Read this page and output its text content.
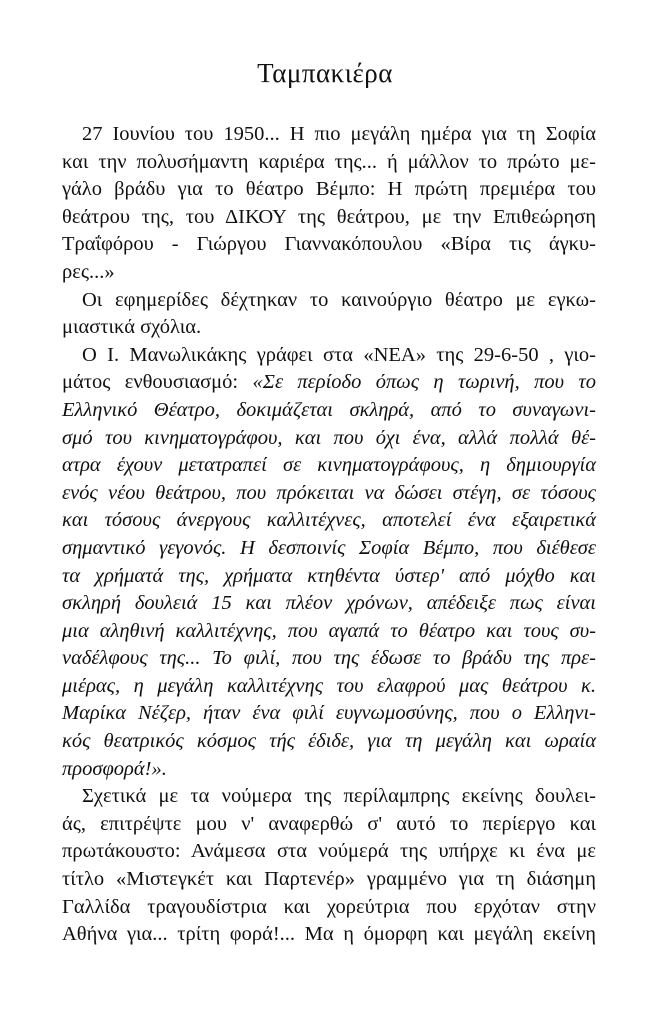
Ταμπακιέρα
27 Ιουνίου του 1950... Η πιο μεγάλη ημέρα για τη Σοφία
και την πολυσήμαντη καριέρα της... ή μάλλον το πρώτο με-
γάλο βράδυ για το θέατρο Βέμπο: Η πρώτη πρεμιέρα του
θεάτρου της, του ΔΙΚΟΥ της θεάτρου, με την Επιθεώρηση
Τραΐφόρου - Γιώργου Γιαννακόπουλου «Βίρα τις άγκυ-
ρες...»
Οι εφημερίδες δέχτηκαν το καινούργιο θέατρο με εγκω-
μιαστικά σχόλια.
Ο Ι. Μανωλικάκης γράφει στα «ΝΕΑ» της 29-6-50 , γιο-
μάτος ενθουσιασμό: «Σε περίοδο όπως η τωρινή, που το
Ελληνικό Θέατρο, δοκιμάζεται σκληρά, από το συναγωνι-
σμό του κινηματογράφου, και που όχι ένα, αλλά πολλά θέ-
ατρα έχουν μετατραπεί σε κινηματογράφους, η δημιουργία
ενός νέου θεάτρου, που πρόκειται να δώσει στέγη, σε τόσους
και τόσους άνεργους καλλιτέχνες, αποτελεί ένα εξαιρετικά
σημαντικό γεγονός. Η δεσποινίς Σοφία Βέμπο, που διέθεσε
τα χρήματά της, χρήματα κτηθέντα ύστερ' από μόχθο και
σκληρή δουλειά 15 και πλέον χρόνων, απέδειξε πως είναι
μια αληθινή καλλιτέχνης, που αγαπά το θέατρο και τους συ-
ναδέλφους της... Το φιλί, που της έδωσε το βράδυ της πρε-
μιέρας, η μεγάλη καλλιτέχνης του ελαφρού μας θεάτρου κ.
Μαρίκα Νέζερ, ήταν ένα φιλί ευγνωμοσύνης, που ο Ελληνι-
κός θεατρικός κόσμος τής έδιδε, για τη μεγάλη και ωραία
προσφορά!».
Σχετικά με τα νούμερα της περίλαμπρης εκείνης δουλει-
άς, επιτρέψτε μου ν' αναφερθώ σ' αυτό το περίεργο και
πρωτάκουστο: Ανάμεσα στα νούμερά της υπήρχε κι ένα με
τίτλο «Μιστεγκέτ και Παρτενέρ» γραμμένο για τη διάσημη
Γαλλίδα τραγουδίστρια και χορεύτρια που ερχόταν στην
Αθήνα για... τρίτη φορά!... Μα η όμορφη και μεγάλη εκείνη
